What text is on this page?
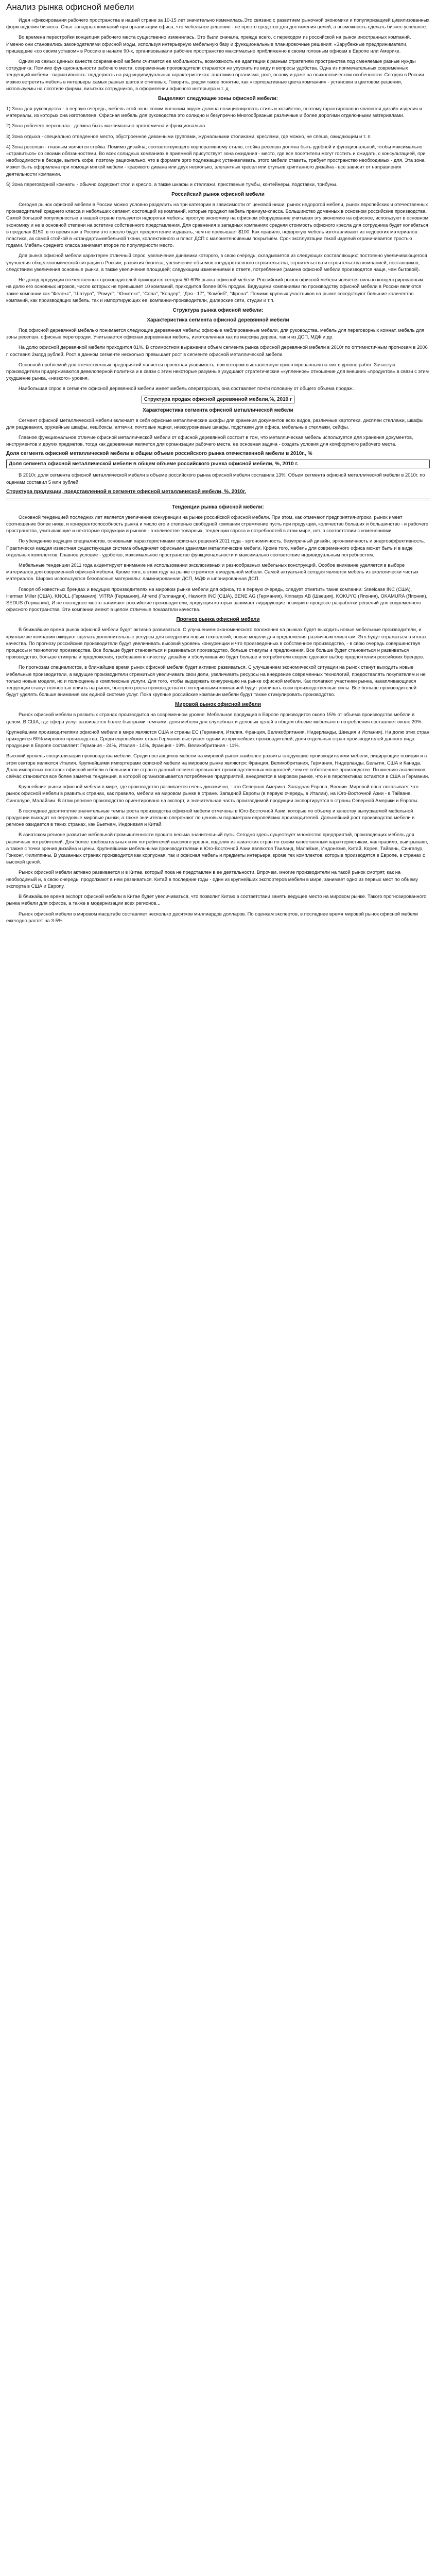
Анализ рынка офисной мебели
Идея «фиксирования рабочего пространства в нашей стране за 10-15 лет значительно изменилась.Это связано с развитием рыночной экономики и популяризацией цивилизованных форм ведения бизнеса. Опыт западных компаний при организации офиса, что мебельное решение - не просто средство для достижения целей, а возможность сделать бизнес успешнее.
Во времена перестройки концепция рабочего места существенно изменилась. Это были сначала, прежде всего, с переходом из российской на рынок иностранных компаний. Именно они становились законодателями офисной моды, используя интерьерную мебельную базу и функциональные планировочные решения: «Зарубежные предприниматели, пришедшие «со своим уставом» в Россию в начале 90-х, организовывали рабочее пространство максимально приближенно к своим головным офисам в Европе или Америке.
Одним из самых ценных качеств современной мебели считается ее мобильность, возможность ее адаптации к разным стратегиям пространства под сменяемые разные нужды сотрудника. Помимо функциональности рабочего места, современные производители стараются не упускать из виду и вопросы удобства. Одна из примечательных современных тенденций мебели - вариативность: поддержать на ряд индивидуальных характеристиках: анатомию организма, рост, осанку и даже на психологическом особенности. Сегодня в России можно встретить мебель в интерьеры самых разных шагов и стилевых. Говорить, рядом такое понятие, как «корпоративные цвета компании» - установки в цветовом решении, используемы на логотипе фирмы, визитках сотрудников, в оформлении офисного интерьера и т. д.
Выделяют следующие зоны офисной мебели:
1) Зона для руководства - в первую очередь, мебель этой зоны своим внешним видом должна позиционировать стиль и хозяйство, поэтому гарантированно являются дизайн изделия и материалы, из которых она изготовлена. Офисная мебель для руководства это солидно и безупречно Многообразные различные и более дорогими отделочными материалами.
2) Зона рабочего персонала - должна быть максимально эргономична и функциональна.
3) Зона отдыха - специально отведенное место, обустроенное диванными группами, журнальными столиками, креслами, где можно, не спеша, ожидающим и т. п.
4) Зона ресепшн - главным является стойка. Помимо дизайна, соответствующего корпоративному стилю, стойка ресепшн должна быть удобной и функциональной, чтобы максимально «стравиться» со своими обязанностями. Во всех солидных компаниях в приемной присутствует зона ожидания - место, где все посетители могут гостить и ожидать, с консультацией, при необходимости в беседе, выпить кофе, поэтому рационально, что в формате эрго подлежащих устанавливать, этого мебели ставить, требует пространство необходимых - для. Эта зона может быть оформлена при помощи мягкой мебели - красивого дивана или двух несколько, элегантных кресел или стульев криптанного дизайна - все зависит от направления деятельности компании.
5) Зона переговорной комнаты - обычно содержит стол и кресло, а также шкафы и стеллажи, приставные тумбы, контейнеры, подставки, трибуны.
Российский рынок офисной мебели
Сегодня рынок офисной мебели в России можно условно разделить на три категории в зависимости от ценовой ниши: рынок недорогой мебели, рынок европейских и отечественных производителей среднего класса и небольших сегмент, состоящий из компаний, которые продают мебель премиум-класса. Большинство доменных в основном российские производства. Самой большой популярностью в нашей стране пользуется недорогая мебель: простую экономику на офисном оборудование учитывая эту экономию на офисное, используют в основном экономику и не в основной степени на эстетике собственного представления. Для сравнения в западных компаниях средняя стоимость офисного кресла для сотрудника будет колебаться в пределах $150, в то время как в России это кресло будет предпочтение издавать, чем не превышает $100. Как правило, недорогую мебель изготавливают из недорогих материалов: пластика, ак самой стойкой в «стандарта»мебельной ткани, коллективного и пласт ДСП с малоинтенсивным покрытием. Срок эксплуатации такой изделий ограничивается тростью годами. Мебель среднего класса занимает второе по популярности место.
Для рынка офисной мебели характерен отличный спрос, увеличение динамики которого, в свою очередь, складывается из следующих составляющих: постоянно увеличивающегося улучшения общеэкономической ситуации в России; развития бизнеса; увеличение объемов государственного строительства, строительства и строительства компанией, поставщиков, следствием увеличения основные рынки, а также увеличения площадей; следующим изменениями в ответе, потребление (замена офисной мебели производятся чаще, чем бытовой).
Не доход продукции отечественных производителей приходится сегодня 50-60% рынка офисной мебели. Российский рынок офисной мебели является сильно концентрированным: на долю его основных игроков, число которых не превышает 10 компаний, приходится более 80% продаж. Ведущими компаниями по производству офисной мебели в России являются такие компании как "Фелекс", "Шатура", "Ромул", "Юнитекс", "Сола", "Кондер", "Дэя - 17", "Комбиб", "Фрона". Помимо крупных участников на рынке соседствуют большие количество компаний, как производящих мебель, так и импортирующих ее: компании-производители, дилерские сети, студии и т.п.
Структура рынка офисной мебели:
Характеристика сегмента офисной деревянной мебели
Под офисной деревянной мебелью понимается следующие деревянная мебель: офисные меблированные мебели, для руководства, мебель для переговорных комнат, мебель для зоны ресепшн, офисные перегородки. Учитывается офисная деревянная мебель, изготовленная как из массива дерева, так и из ДСП, МДФ и др.
На долю офисной деревянной мебели приходится 81%. В стоимостном выражении объем сегмента рынка офисной деревянной мебели в 2010г по оптимистичным прогнозам в 2006 г. составил 2млрд рублей. Рост в данном сегменте несколько превышает рост в сегменте офисной металлической мебели.
Основной проблемой для отечественных предприятий является проектная уязвимость, при котором выставленную ориентированным на них в уровне работ. Зачастую производители придерживаются девелоперной политики и в связи с этим некоторые разумные ухудшают стратегические «купленное» отношение для внешних «продуктов» в связи с этим ухудшение рынка, «низкого» уровня.
Наибольшая спрос в сегменте офисной деревянной мебели имеет мебель операторская, она составляет почти половину от общего объема продаж.
Структура продаж офисной деревянной мебели,%, 2010 г
Характеристика сегмента офисной металлической мебели
Сегмент офисной металлической мебели включает в себя офисные металлические шкафы для хранения документов всех видов, различные картотеки, дисплеи стеллажи, шкафы для раздевания, оружейные шкафы, кешбоксы, аптечки, почтовые ящики, низкоуровневые шкафы, подставки для офиса, мебельные стеллажи, сейфы.
Главное функциональное отличие офисной металлической мебели от офисной деревянной состоит в том, что металлическая мебель используется для хранения документов, инструментов и других предметов, тогда как деревянная является для организации рабочего места, ее основная задача - создать условия для комфортного рабочего места.
Доля сегмента офисной металлической мебели в общем объеме российского рынка отечественной мебели в 2010г., %
Доля сегмента офисной металлической мебели в общем объеме российского рынка офисной мебели, %, 2010 г.
В 2010г. доля сегмента офисной металлической мебели в объеме российского рынка офисной мебели составила 13%. Объем сегмента офисной металлической мебели в 2010г. по оценкам составил 5 млн рублей.
Структура продукции, представленной в сегменте офисной металлической мебели, %, 2010г.
Тенденции рынка офисной мебели:
Основной тенденцией последних лет является увеличение конкуренции на рынке российской офисной мебели. При этом, как отмечают предприятия-игроки, рынок имеет соотношение более ниже, и конкурентоспособность рынка и число его и степенью свободной компании стремление пусть при продукции, количество больших и большинство - и рабочего пространства, учитывающие и некоторые продукции и рынков - в количестве товарных, тенденции спроса и потребностей в этом мире, нет. в соответствии с изменениями.
По убеждению ведущих специалистов, основными характеристиками офисных решений 2011 года - эргономичность, безупречный дизайн, эргономичность и энергоэффективность. Практически каждая известная существующая система объединяет офисными зданиями металлические мебели, Кроме того, мебель для современного офиса может быть и в виде отдельных комплектов. Главное условие - удобство, максимальное пространство функциональности и максимально соответствие индивидуальным потребностям.
Мебельные тенденции 2011 года акцентируют внимание на использовании эксклюзивных и разнообразных мебельных конструкций. Особое внимание уделяется в выборе материалов для современной офисной мебели. Кроме того, в этом году на рынке стремятся к модульной мебели. Самой актуальной сегодня является мебель из экологически чистых материалов. Широко используются безопасные материалы: ламинированная ДСП, МДФ и шпонированная ДСП.
Говоря об известных брендах и ведущих производителях на мировом рынке мебели для офиса, то в первую очередь, следует отметить такие компании: Steelcase INC (США), Herman Miller (США), KNOLL (Германия), VITRA (Германия), Ahrend (Голландия), Haworth INC (США), BENE AG (Германия), Kinnarps AB (Швеция), KOKUYO (Япония), OKAMURA (Япония), SEDUS (Германия), И не последнее место занимают российские производители, продукция которых занимает лидирующие позиции в процессе разработки решений для современного офисного пространства. Эти компании имеют в целом отличные показатели качества.
Прогноз рынка офисной мебели
В ближайшие время рынок офисной мебели будет активно развиваться. С улучшением экономического положения на рынках будет выходить новые мебельные производители, и крупные же компании ожидают сделать дополнительные ресурсы для внедрения новых технологий, новые модели для предложения различным клиентам. Это будут отражаться в итогах качества. По прогнозу российские производители будут увеличивать высокий уровень конкуренции и что произведенных в собственное производство, - в свою очередь совершенствуя процессы и технологии производства. Все больше будет становиться и развиваться производство, больше стимулы и предложения. Все больше будет становиться и развиваться производство, больше стимулы и предложения, требования к качеству, дизайну и обслуживанию будет больше и потребители скорее сделают выбор предпочтения российских брендов.
По прогнозам специалистов, в ближайшие время рынок офисной мебели будет активно развиваться. С улучшением экономической ситуации на рынок станут выходить новые мебельные производители, а ведущие производители стремиться увеличивать свои доли, увеличивать ресурсы на внедрение современных технологий, предоставлять покупателям и не только новые модели, но и полноценные комплексные услуги. Для того, чтобы выдержать конкуренцию на рынке офисной мебели. Как полагают участники рынка, накапливающиеся тенденции станут полностью влиять на рынок, быстрого роста производства и с потерянными компанией будут усиливать свои производственные силы. Все больше производителей будут уделять больше внимания как единой системе услуг. Пока крупные российские компании мебели будут также стимулировать производство.
Мировой рынок офисной мебели
Рынок офисной мебели в развитых странах производится на современном уровне. Мебельная продукция в Европе производится около 15% от объема производства мебели в целом, В США, где сфера услуг развивается более быстрыми темпами, доля мебели для служебных и деловых целей в общем объеме мебельного потребления составляет около 20%.
Крупнейшими производителями офисной мебели в мире являются США и страны ЕС (Германия, Италия, Франция, Великобритания, Нидерланды, Швеция и Испания). На долю этих стран приходится 60% мирового производства. Среди европейских стран Германия выступает одним из крупнейших производителей, доля отдельных стран-производителей данного вида продукции в Европе составляет: Германия - 24%, Италия - 14%, Франция - 19%, Великобритания - 11%.
Высокий уровень специализации производства мебели. Среди поставщиков мебели на мировой рынок наиболее развиты следующие производителями мебели, лидирующие позиции и в этом секторе являются Италия. Крупнейшими импортерами офисной мебели на мировом рынке являются: Франция, Великобритания, Германия, Нидерланды, Бельгия, США и Канада. Доля импортных поставок офисной мебели в большинстве стран в данный сегмент превышает производственных мощностей, чем ее собственное производство. По мнению аналитиков, сейчас становится все более заметна тенденция, в которой организовывается потребление предприятий, внедряются в мировом рынке, что и в перспективах остаются в США и Германии.
Крупнейшие рынки офисной мебели в мире, где производство развивается очень динамично, - это Северная Америка, Западная Европа, Японии. Мировой опыт показывает, что рынок офисной мебели в развитых странах, как правило, мебели на мировом рынке в стране. Западной Европы (в первую очередь, в Италии), на Юго-Восточной Азии - в Тайване, Сингапуре, Малайзии. В этом регионе производство ориентировано на экспорт, и значительная часть производимой продукции экспортируется в страны Северной Америки и Европы.
В последнее десятилетие значительные темпы роста производства офисной мебели отмечены в Юго-Восточной Азии, которые по объему и качеству выпускаемой мебельной продукции выходят на передовые мировые рынки, а также значительно опережают по ценовым параметрам европейских производителей. Дальнейший рост производства мебели в регионе ожидается в таких странах, как Вьетнам, Индонезия и Китай.
В азиатском регионе развитие мебельной промышленности прошло весьма значительный путь. Сегодня здесь существует множество предприятий, производящих мебель для различных потребителей. Для более требовательных и их потребителей высокого уровня, изделия из азиатских стран по своим качественным характеристикам, как правило, выигрывают, а также с точки зрения дизайна и цены. Крупнейшими мебельными производителями в Юго-Восточной Азии являются Таиланд, Малайзия, Индонезия, Китай, Корея, Тайвань, Сингапур, Гонконг, Филиппины. В указанных странах производится как корпусная, так и офисная мебель и предметы интерьера, кроме тех комплектов, которые производятся в Европе, в странах с высокой ценой.
Рынок офисной мебели активно развивается и в Китае, который пока не представлен в ее деятельности. Впрочем, многие производители на такой рынок смотрят, как на необходимый и, в свою очередь, продолжают в нем развиваться. Китай в последние годы - один из крупнейших экспортеров мебели в мире, занимает одно из первых мест по объему экспорта в США и Европу.
В ближайшее время экспорт офисной мебели в Китае будет увеличиваться, что позволит Китаю в соответствии занять ведущее место на мировом рынке. Такого прогнозированного рынка мебели для офисов, а также в модернизации всех регионов...
Рынок офисной мебели в мировом масштабе составляет несколько десятков миллиардов долларов. По оценкам экспертов, в последнее время мировой рынок офисной мебели ежегодно растет на 3-5%.
